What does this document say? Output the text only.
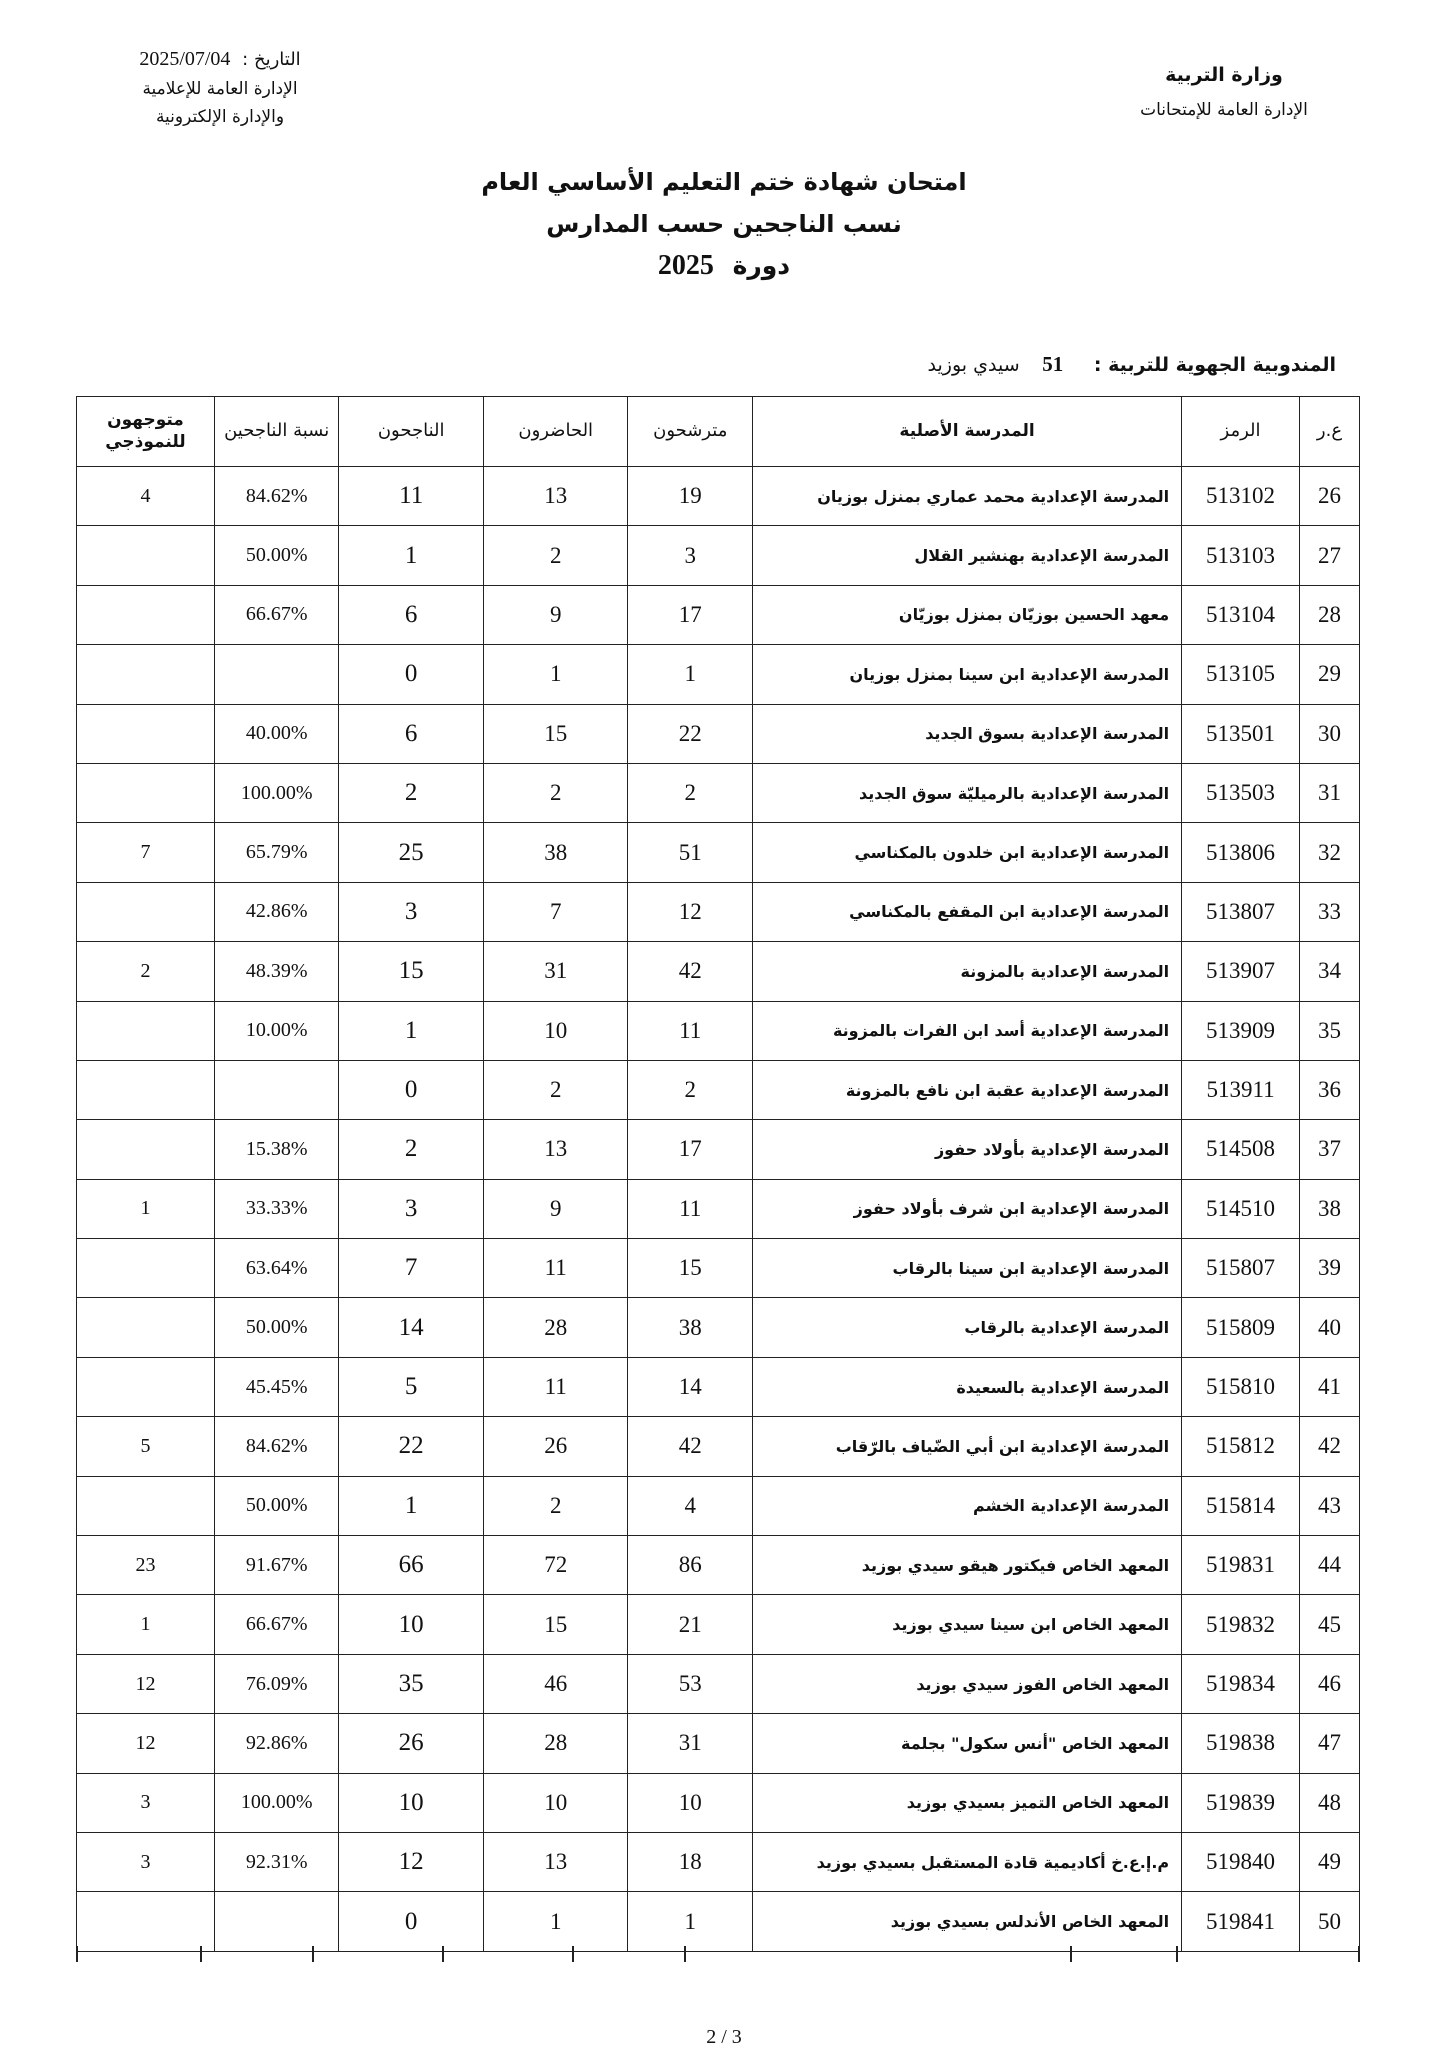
وزارة التربية
الإدارة العامة للإمتحانات
التاريخ : 2025/07/04
الإدارة العامة للإعلامية
والإدارة الإلكترونية
امتحان شهادة ختم التعليم الأساسي العام
نسب الناجحين حسب المدارس
دورة 2025
المندوبية الجهوية للتربية : 51 سيدي بوزيد
ع.ر	الرمز	المدرسة الأصلية	مترشحون	الحاضرون	الناجحون	نسبة الناجحين	متوجهون للنموذجي
26	513102	المدرسة الإعدادية محمد عماري بمنزل بوزيان	19	13	11	84.62%	4
27	513103	المدرسة الإعدادية بهنشير القلال	3	2	1	50.00%	
28	513104	معهد الحسين بوزيّان بمنزل بوزيّان	17	9	6	66.67%	
29	513105	المدرسة الإعدادية ابن سينا بمنزل بوزيان	1	1	0		
30	513501	المدرسة الإعدادية بسوق الجديد	22	15	6	40.00%	
31	513503	المدرسة الإعدادية بالرميليّة سوق الجديد	2	2	2	100.00%	
32	513806	المدرسة الإعدادية ابن خلدون بالمكناسي	51	38	25	65.79%	7
33	513807	المدرسة الإعدادية ابن المقفع بالمكناسي	12	7	3	42.86%	
34	513907	المدرسة الإعدادية بالمزونة	42	31	15	48.39%	2
35	513909	المدرسة الإعدادية أسد ابن الفرات بالمزونة	11	10	1	10.00%	
36	513911	المدرسة الإعدادية عقبة ابن نافع بالمزونة	2	2	0		
37	514508	المدرسة الإعدادية بأولاد حفوز	17	13	2	15.38%	
38	514510	المدرسة الإعدادية ابن شرف بأولاد حفوز	11	9	3	33.33%	1
39	515807	المدرسة الإعدادية ابن سينا بالرقاب	15	11	7	63.64%	
40	515809	المدرسة الإعدادية بالرقاب	38	28	14	50.00%	
41	515810	المدرسة الإعدادية بالسعيدة	14	11	5	45.45%	
42	515812	المدرسة الإعدادية ابن أبي الضّياف بالرّقاب	42	26	22	84.62%	5
43	515814	المدرسة الإعدادية الخشم	4	2	1	50.00%	
44	519831	المعهد الخاص فيكتور هيقو سيدي بوزيد	86	72	66	91.67%	23
45	519832	المعهد الخاص ابن سينا سيدي بوزيد	21	15	10	66.67%	1
46	519834	المعهد الخاص الفوز سيدي بوزيد	53	46	35	76.09%	12
47	519838	المعهد الخاص "أنس سكول" بجلمة	31	28	26	92.86%	12
48	519839	المعهد الخاص التميز بسيدي بوزيد	10	10	10	100.00%	3
49	519840	م.إ.ع.خ أكاديمية قادة المستقبل بسيدي بوزيد	18	13	12	92.31%	3
50	519841	المعهد الخاص الأندلس بسيدي بوزيد	1	1	0		
2 / 3
